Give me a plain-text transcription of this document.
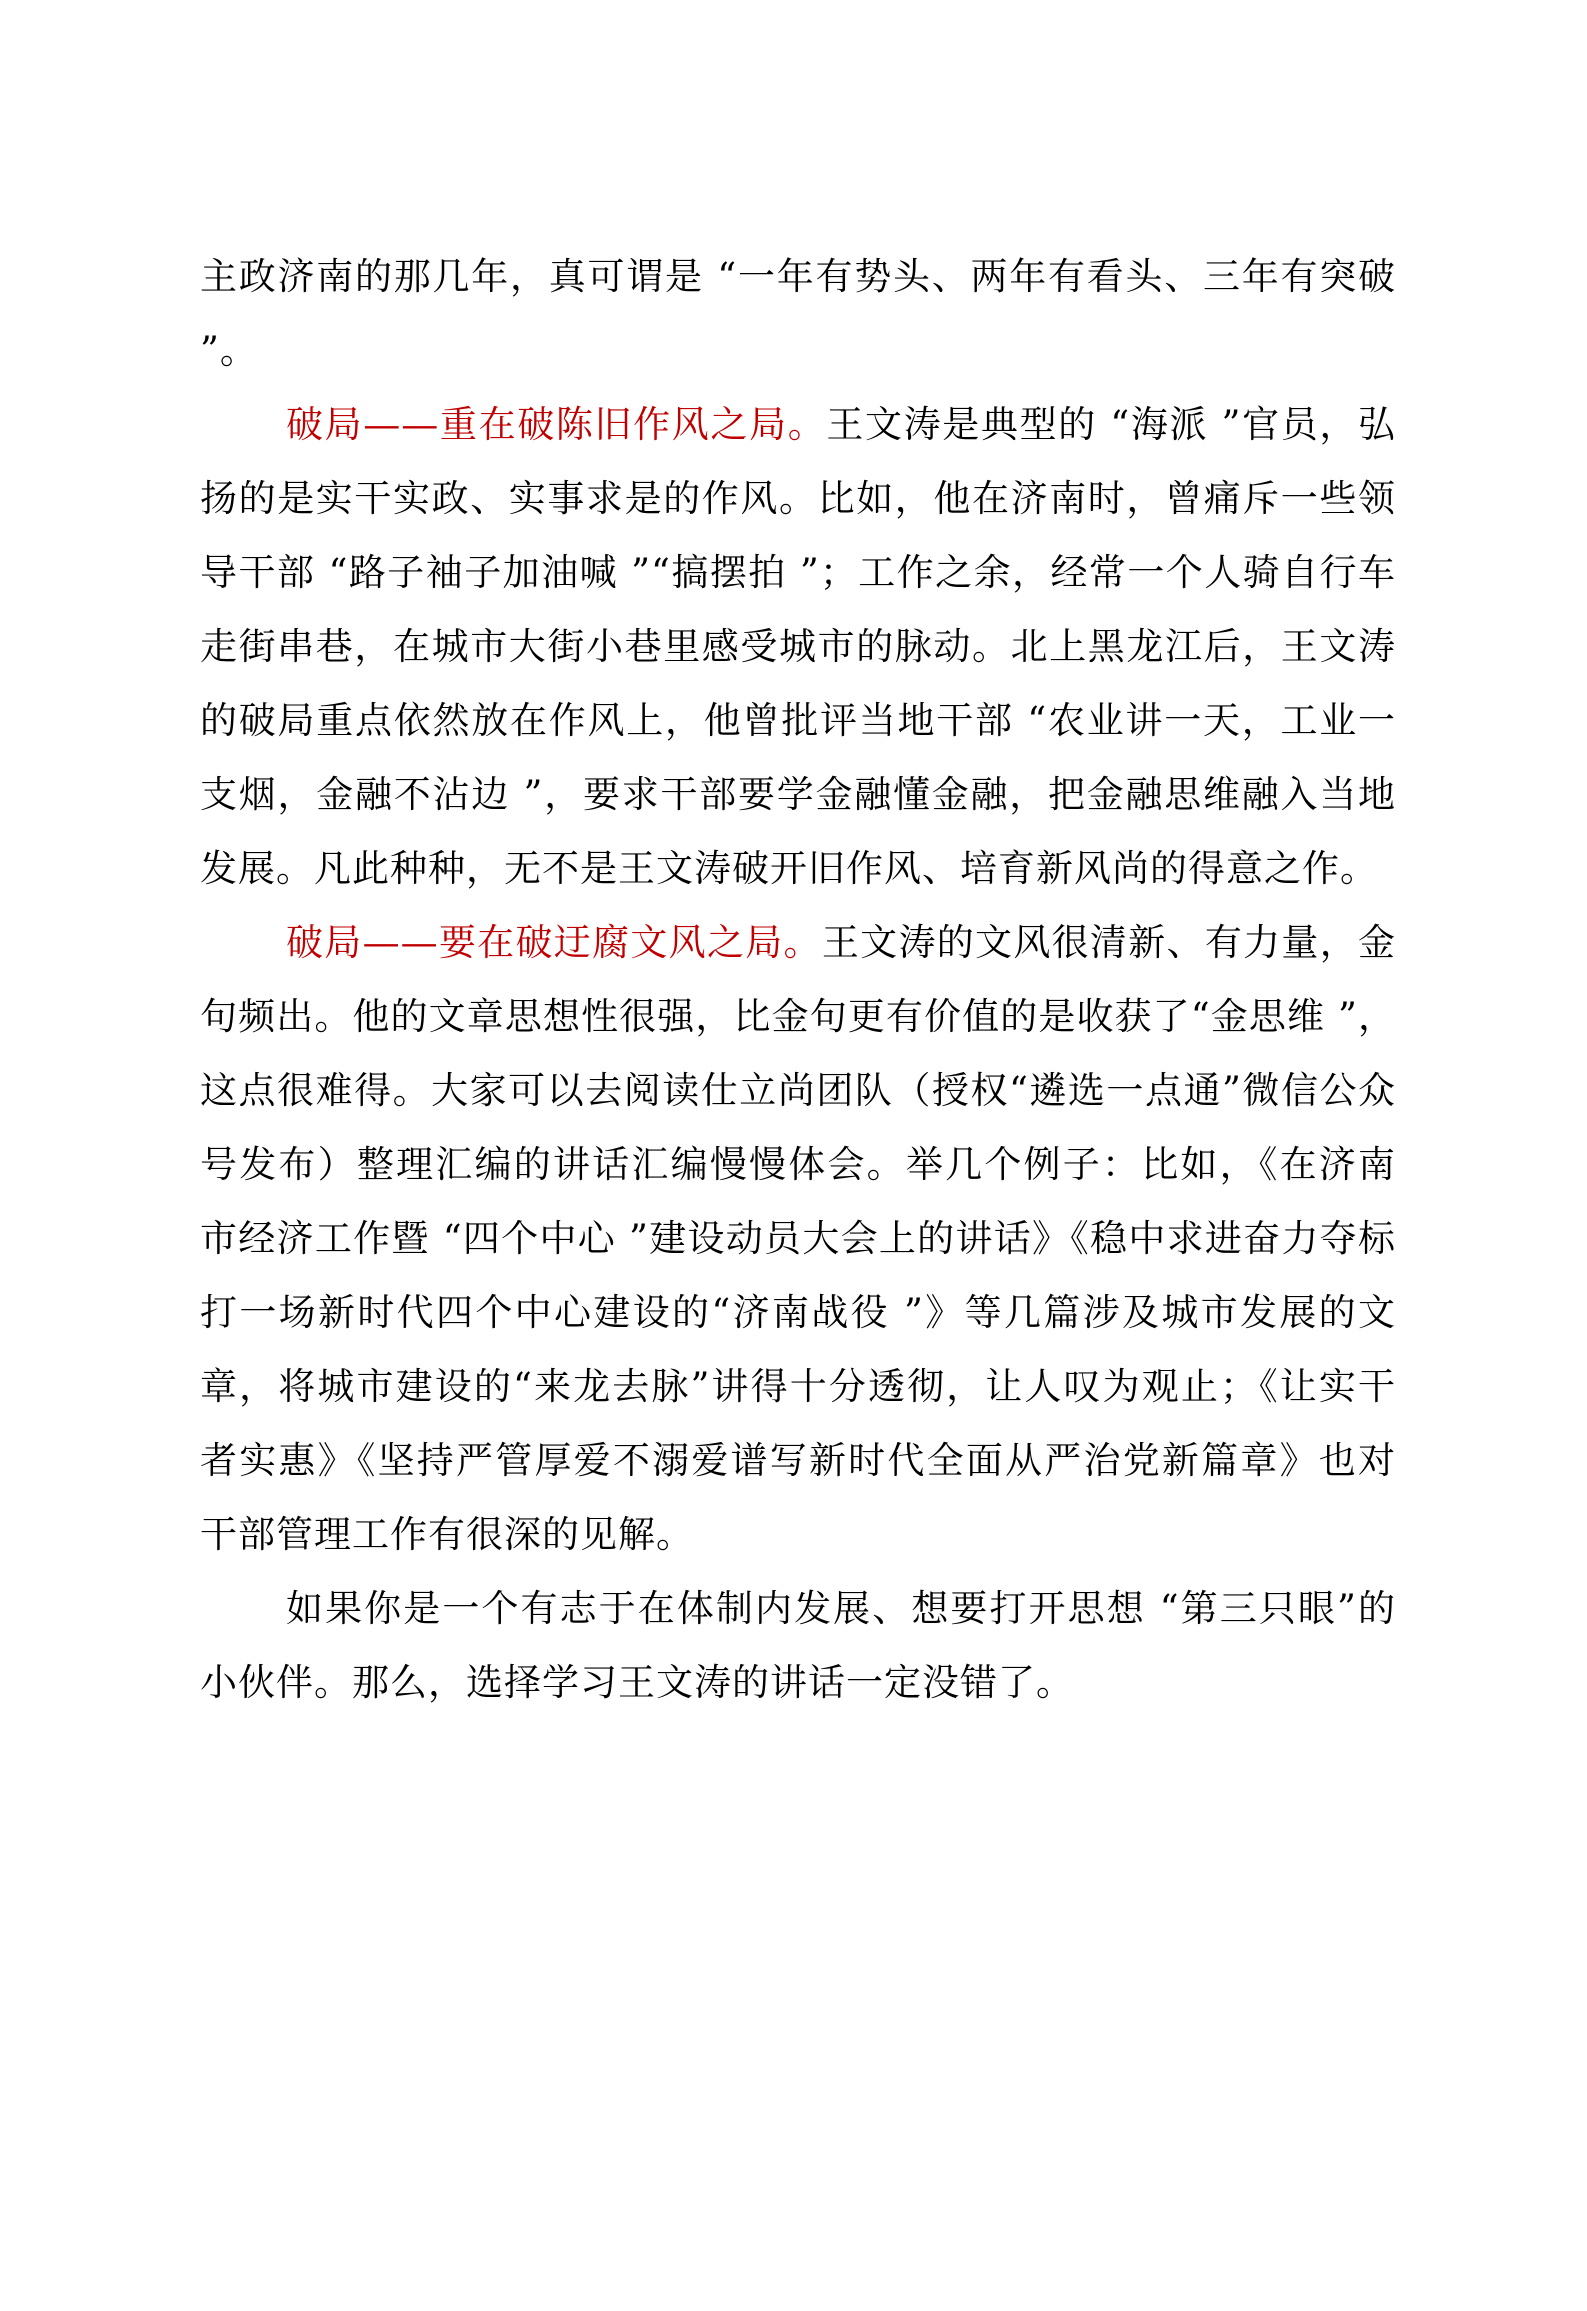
主政济南的那几年，真可谓是 “一年有势头、两年有看头、三年有突破 ”。

破局——重在破陈旧作风之局。王文涛是典型的 “海派 ”官员，弘扬的是实干实政、实事求是的作风。比如，他在济南时，曾痛斥一些领导干部 “路子袖子加油喊 ”“搞摆拍 ”；工作之余，经常一个人骑自行车走街串巷，在城市大街小巷里感受城市的脉动。北上黑龙江后，王文涛的破局重点依然放在作风上，他曾批评当地干部 “农业讲一天，工业一支烟，金融不沾边 ”，要求干部要学金融懂金融，把金融思维融入当地发展。凡此种种，无不是王文涛破开旧作风、培育新风尚的得意之作。

破局——要在破迂腐文风之局。王文涛的文风很清新、有力量，金句频出。他的文章思想性很强，比金句更有价值的是收获了“金思维 ”，这点很难得。大家可以去阅读仕立尚团队（授权“遴选一点通”微信公众号发布）整理汇编的讲话汇编慢慢体会。举几个例子：比如，《在济南市经济工作暨 “四个中心 ”建设动员大会上的讲话》《稳中求进奋力夺标打一场新时代四个中心建设的“济南战役 ”》等几篇涉及城市发展的文章，将城市建设的“来龙去脉”讲得十分透彻，让人叹为观止；《让实干者实惠》《坚持严管厚爱不溺爱谱写新时代全面从严治党新篇章》也对干部管理工作有很深的见解。

如果你是一个有志于在体制内发展、想要打开思想 “第三只眼”的小伙伴。那么，选择学习王文涛的讲话一定没错了。
